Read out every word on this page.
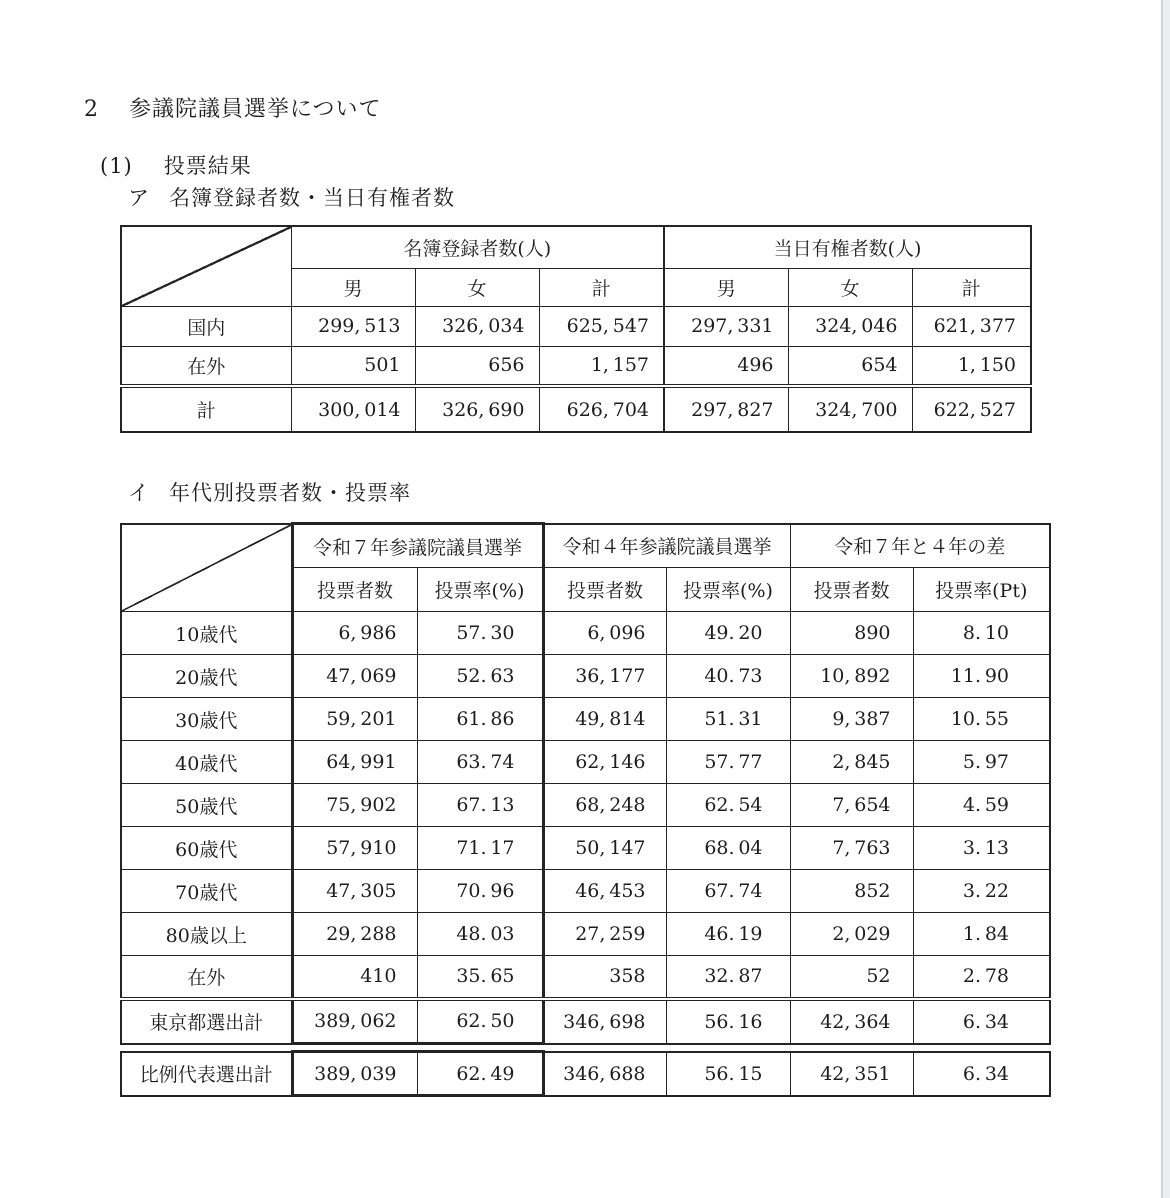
2 参議院議員選挙について
(1) 投票結果
ア 名簿登録者数・当日有権者数
	名簿登録者数(人)			当日有権者数(人)		
	男	女	計	男	女	計
国内	299, 513	326, 034	625, 547	297, 331	324, 046	621, 377
在外	501	656	1, 157	496	654	1, 150
計	300, 014	326, 690	626, 704	297, 827	324, 700	622, 527
イ 年代別投票者数・投票率
	令和７年参議院議員選挙		令和４年参議院議員選挙		令和７年と４年の差	
	投票者数	投票率(%)	投票者数	投票率(%)	投票者数	投票率(Pt)
10歳代	6, 986	57. 30	6, 096	49. 20	890	8. 10
20歳代	47, 069	52. 63	36, 177	40. 73	10, 892	11. 90
30歳代	59, 201	61. 86	49, 814	51. 31	9, 387	10. 55
40歳代	64, 991	63. 74	62, 146	57. 77	2, 845	5. 97
50歳代	75, 902	67. 13	68, 248	62. 54	7, 654	4. 59
60歳代	57, 910	71. 17	50, 147	68. 04	7, 763	3. 13
70歳代	47, 305	70. 96	46, 453	67. 74	852	3. 22
80歳以上	29, 288	48. 03	27, 259	46. 19	2, 029	1. 84
在外	410	35. 65	358	32. 87	52	2. 78
東京都選出計	389, 062	62. 50	346, 698	56. 16	42, 364	6. 34
比例代表選出計	389, 039	62. 49	346, 688	56. 15	42, 351	6. 34
